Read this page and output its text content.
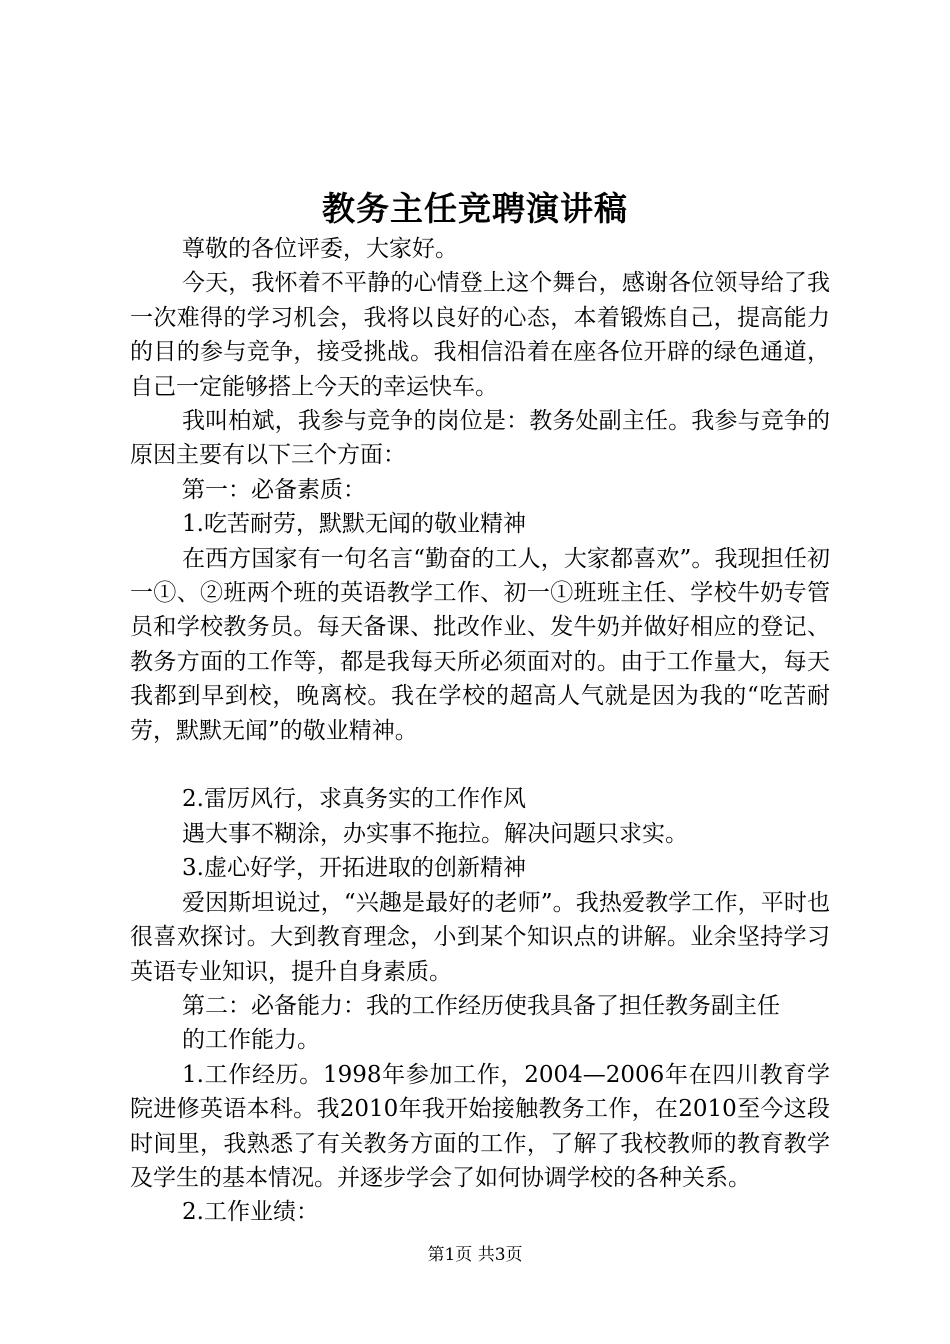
教务主任竞聘演讲稿

尊敬的各位评委，大家好。

今天，我怀着不平静的心情登上这个舞台，感谢各位领导给了我一次难得的学习机会，我将以良好的心态，本着锻炼自己，提高能力的目的参与竞争，接受挑战。我相信沿着在座各位开辟的绿色通道，自己一定能够搭上今天的幸运快车。

我叫柏斌，我参与竞争的岗位是：教务处副主任。我参与竞争的原因主要有以下三个方面：

第一：必备素质：

1.吃苦耐劳，默默无闻的敬业精神

在西方国家有一句名言“勤奋的工人，大家都喜欢”。我现担任初一①、②班两个班的英语教学工作、初一①班班主任、学校牛奶专管员和学校教务员。每天备课、批改作业、发牛奶并做好相应的登记、教务方面的工作等，都是我每天所必须面对的。由于工作量大，每天我都到早到校，晚离校。我在学校的超高人气就是因为我的“吃苦耐劳，默默无闻”的敬业精神。

2.雷厉风行，求真务实的工作作风

遇大事不糊涂，办实事不拖拉。解决问题只求实。

3.虚心好学，开拓进取的创新精神

爱因斯坦说过，“兴趣是最好的老师”。我热爱教学工作，平时也很喜欢探讨。大到教育理念，小到某个知识点的讲解。业余坚持学习英语专业知识，提升自身素质。

第二：必备能力：我的工作经历使我具备了担任教务副主任

的工作能力。

1.工作经历。1998年参加工作，2004—2006年在四川教育学院进修英语本科。我2010年我开始接触教务工作，在2010至今这段时间里，我熟悉了有关教务方面的工作，了解了我校教师的教育教学及学生的基本情况。并逐步学会了如何协调学校的各种关系。

2.工作业绩：

第1页 共3页
